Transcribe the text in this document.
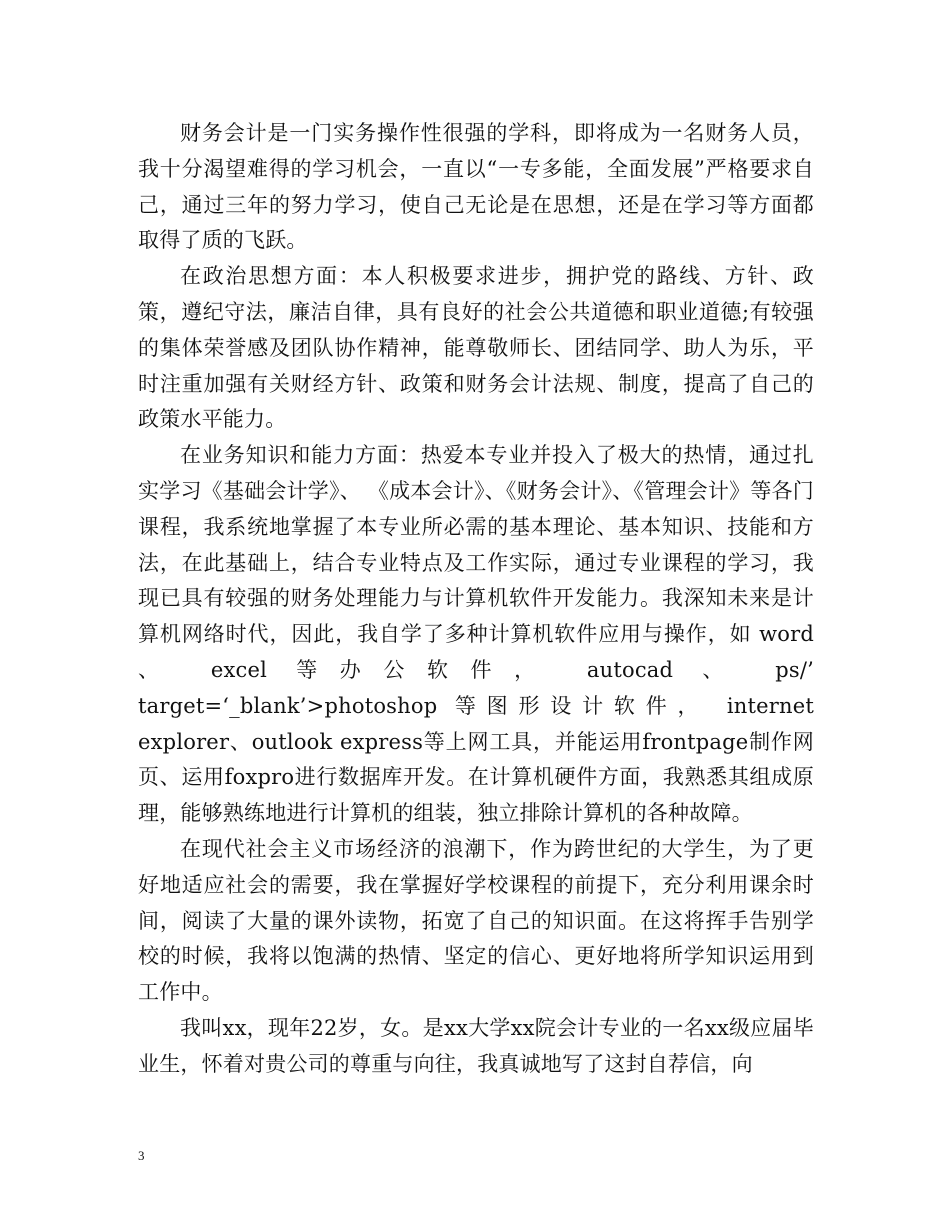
财务会计是一门实务操作性很强的学科，即将成为一名财务人员，我十分渴望难得的学习机会，一直以“一专多能，全面发展”严格要求自己，通过三年的努力学习，使自己无论是在思想，还是在学习等方面都取得了质的飞跃。

在政治思想方面：本人积极要求进步，拥护党的路线、方针、政策，遵纪守法，廉洁自律，具有良好的社会公共道德和职业道德;有较强的集体荣誉感及团队协作精神，能尊敬师长、团结同学、助人为乐，平时注重加强有关财经方针、政策和财务会计法规、制度，提高了自己的政策水平能力。

在业务知识和能力方面：热爱本专业并投入了极大的热情，通过扎实学习《基础会计学》、 《成本会计》、《财务会计》、《管理会计》等各门课程，我系统地掌握了本专业所必需的基本理论、基本知识、技能和方法，在此基础上，结合专业特点及工作实际，通过专业课程的学习，我现已具有较强的财务处理能力与计算机软件开发能力。我深知未来是计算机网络时代，因此，我自学了多种计算机软件应用与操作，如 word 、 excel 等办公软件， autocad 、 ps/’ target=‘_blank’>photoshop 等图形设计软件， internet explorer、outlook express等上网工具，并能运用frontpage制作网页、运用foxpro进行数据库开发。在计算机硬件方面，我熟悉其组成原理，能够熟练地进行计算机的组装，独立排除计算机的各种故障。

在现代社会主义市场经济的浪潮下，作为跨世纪的大学生，为了更好地适应社会的需要，我在掌握好学校课程的前提下，充分利用课余时间，阅读了大量的课外读物，拓宽了自己的知识面。在这将挥手告别学校的时候，我将以饱满的热情、坚定的信心、更好地将所学知识运用到工作中。

我叫xx，现年22岁，女。是xx大学xx院会计专业的一名xx级应届毕业生，怀着对贵公司的尊重与向往，我真诚地写了这封自荐信，向

3
